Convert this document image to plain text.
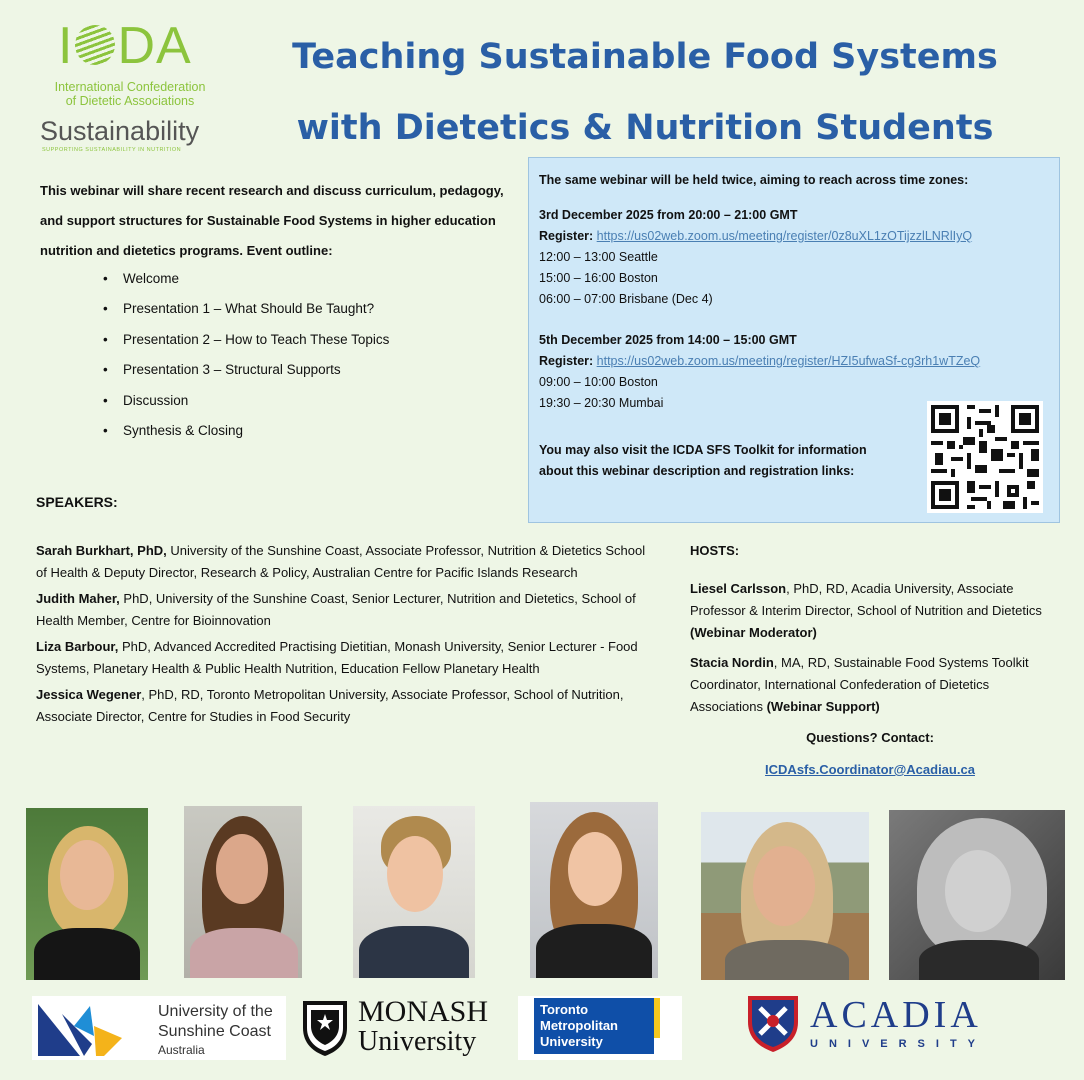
I DA
International Confederation
of Dietetic Associations
Sustainability
SUPPORTING SUSTAINABILITY IN NUTRITION
Teaching Sustainable Food Systems
with Dietetics & Nutrition Students
This webinar will share recent research and discuss curriculum, pedagogy, and support structures for Sustainable Food Systems in higher education nutrition and dietetics programs. Event outline:
• Welcome
• Presentation 1 – What Should Be Taught?
• Presentation 2 – How to Teach These Topics
• Presentation 3 – Structural Supports
• Discussion
• Synthesis & Closing
The same webinar will be held twice, aiming to reach across time zones:
3rd December 2025 from 20:00 – 21:00 GMT
Register: https://us02web.zoom.us/meeting/register/0z8uXL1zOTijzzlLNRlIyQ
12:00 – 13:00 Seattle
15:00 – 16:00 Boston
06:00 – 07:00 Brisbane (Dec 4)
5th December 2025 from 14:00 – 15:00 GMT
Register: https://us02web.zoom.us/meeting/register/HZI5ufwaSf-cg3rh1wTZeQ
09:00 – 10:00 Boston
19:30 – 20:30 Mumbai
You may also visit the ICDA SFS Toolkit for information
about this webinar description and registration links:
SPEAKERS:

Sarah Burkhart, PhD, University of the Sunshine Coast, Associate Professor, Nutrition & Dietetics School of Health & Deputy Director, Research & Policy, Australian Centre for Pacific Islands Research

Judith Maher, PhD, University of the Sunshine Coast, Senior Lecturer, Nutrition and Dietetics, School of Health Member, Centre for Bioinnovation

Liza Barbour, PhD, Advanced Accredited Practising Dietitian, Monash University, Senior Lecturer - Food Systems, Planetary Health & Public Health Nutrition, Education Fellow Planetary Health

Jessica Wegener, PhD, RD, Toronto Metropolitan University, Associate Professor, School of Nutrition, Associate Director, Centre for Studies in Food Security

HOSTS:

Liesel Carlsson, PhD, RD, Acadia University, Associate Professor & Interim Director, School of Nutrition and Dietetics (Webinar Moderator)

Stacia Nordin, MA, RD, Sustainable Food Systems Toolkit Coordinator, International Confederation of Dietetics Associations (Webinar Support)

Questions? Contact:
ICDAsfs.Coordinator@Acadiau.ca
University of the
Sunshine Coast
Australia
MONASH
University
Toronto
Metropolitan
University
ACADIA
UNIVERSITY
